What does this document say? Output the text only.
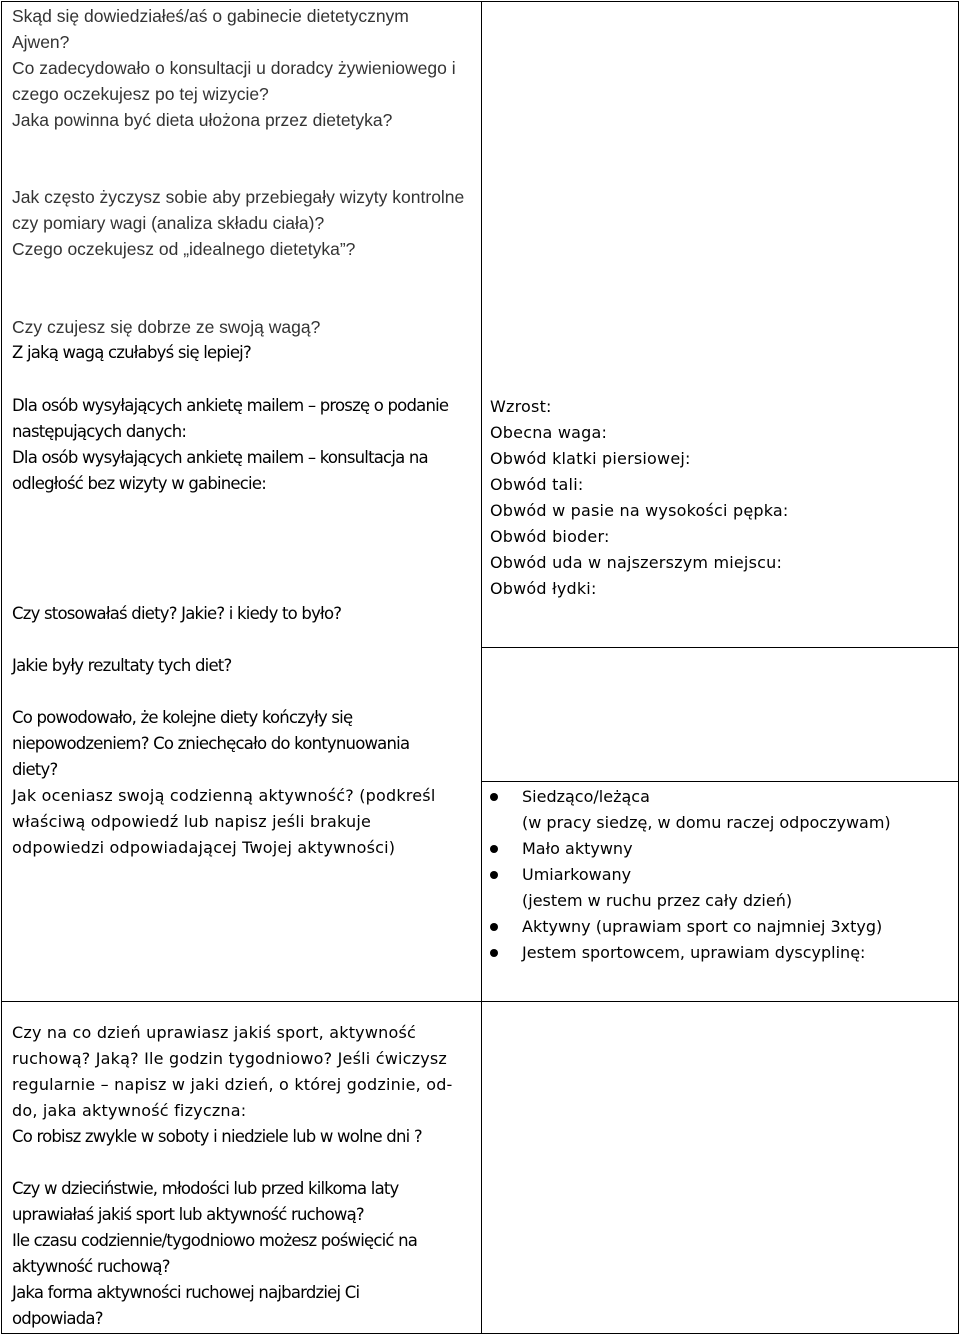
Skąd się dowiedziałeś/aś o gabinecie dietetycznym
Ajwen?
Co zadecydowało o konsultacji u doradcy żywieniowego i
czego oczekujesz po tej wizycie?
Jaka powinna być dieta ułożona przez dietetyka?
Jak często życzysz sobie aby przebiegały wizyty kontrolne
czy pomiary wagi (analiza składu ciała)?
Czego oczekujesz od „idealnego dietetyka”?
Czy czujesz się dobrze ze swoją wagą?
Z jaką wagą czułabyś się lepiej?
Dla osób wysyłających ankietę mailem – proszę o podanie
następujących danych:
Dla osób wysyłających ankietę mailem – konsultacja na
odległość bez wizyty w gabinecie:
Czy stosowałaś diety? Jakie? i kiedy to było?
Wzrost:
Obecna waga:
Obwód klatki piersiowej:
Obwód tali:
Obwód w pasie na wysokości pępka:
Obwód bioder:
Obwód uda w najszerszym miejscu:
Obwód łydki:
Jakie były rezultaty tych diet?
Co powodowało, że kolejne diety kończyły się
niepowodzeniem? Co zniechęcało do kontynuowania
diety?
Jak oceniasz swoją codzienną aktywność? (podkreśl
właściwą odpowiedź lub napisz jeśli brakuje
odpowiedzi odpowiadającej Twojej aktywności)
Siedząco/leżąca
(w pracy siedzę, w domu raczej odpoczywam)
Mało aktywny
Umiarkowany
(jestem w ruchu przez cały dzień)
Aktywny (uprawiam sport co najmniej 3xtyg)
Jestem sportowcem, uprawiam dyscyplinę:
Czy na co dzień uprawiasz jakiś sport, aktywność
ruchową? Jaką? Ile godzin tygodniowo? Jeśli ćwiczysz
regularnie – napisz w jaki dzień, o której godzinie, od-
do, jaka aktywność fizyczna:
Co robisz zwykle w soboty i niedziele lub w wolne dni ?
Czy w dzieciństwie, młodości lub przed kilkoma laty
uprawiałaś jakiś sport lub aktywność ruchową?
Ile czasu codziennie/tygodniowo możesz poświęcić na
aktywność ruchową?
Jaka forma aktywności ruchowej najbardziej Ci
odpowiada?
